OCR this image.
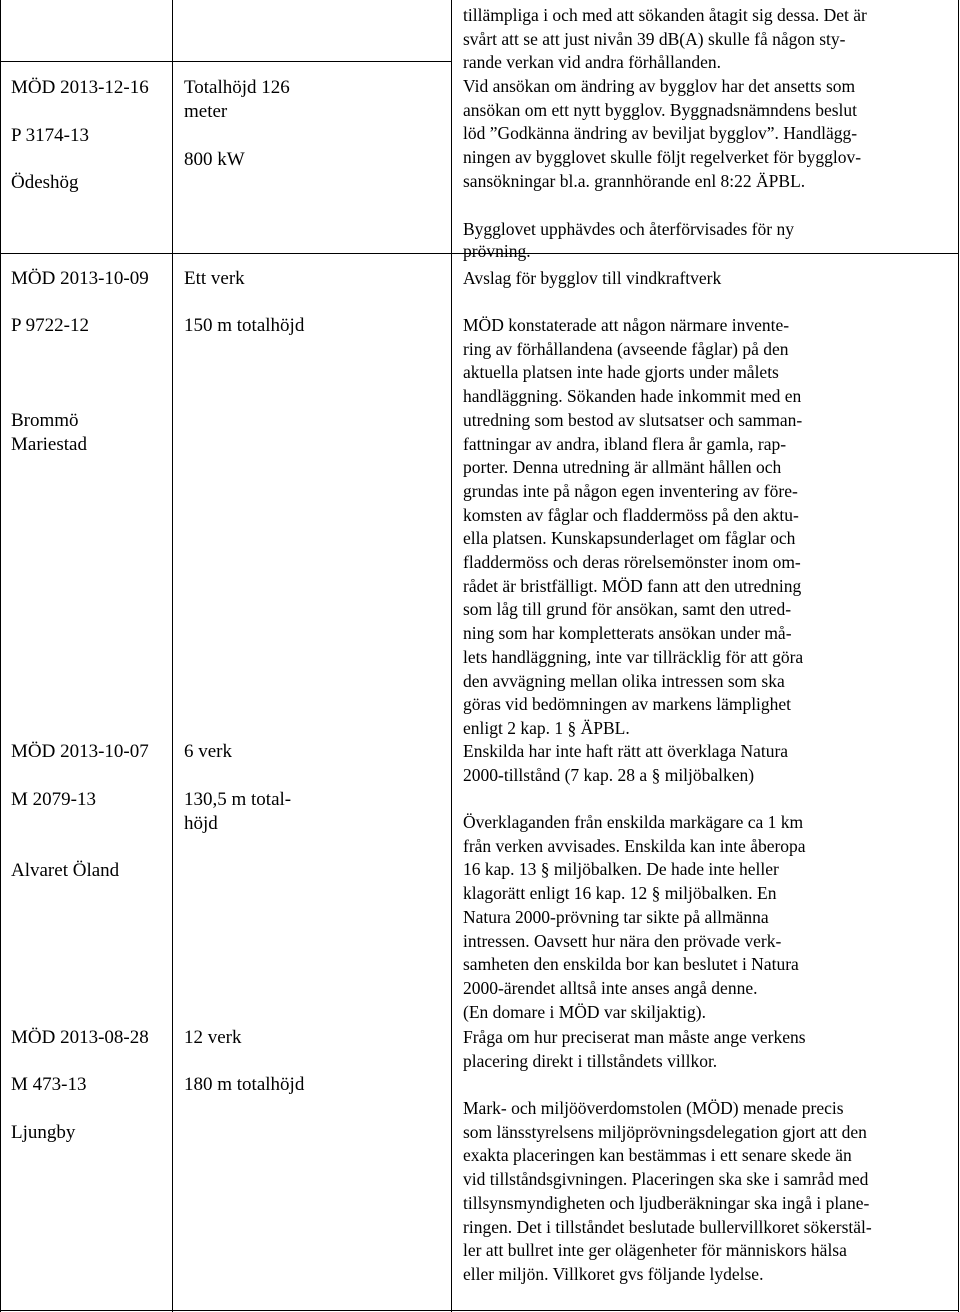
MÖD 2013-12-16
P 3174-13
Ödeshög
Totalhöjd 126
meter
800 kW
MÖD 2013-10-09
P 9722-12
Brommö
Mariestad
Ett verk
150 m totalhöjd
MÖD 2013-10-07
M 2079-13
Alvaret Öland
6 verk
130,5 m total-
höjd
MÖD 2013-08-28
M 473-13
Ljungby
12 verk
180 m totalhöjd
tillämpliga i och med att sökanden åtagit sig dessa. Det är
svårt att se att just nivån 39 dB(A) skulle få någon sty-
rande verkan vid andra förhållanden.
Vid ansökan om ändring av bygglov har det ansetts som
ansökan om ett nytt bygglov. Byggnadsnämndens beslut
löd ”Godkänna ändring av beviljat bygglov”. Handlägg-
ningen av bygglovet skulle följt regelverket för bygglov-
sansökningar bl.a. grannhörande enl 8:22 ÄPBL.
Bygglovet upphävdes och återförvisades för ny
prövning.
Avslag för bygglov till vindkraftverk
MÖD konstaterade att någon närmare invente-
ring av förhållandena (avseende fåglar) på den
aktuella platsen inte hade gjorts under målets
handläggning. Sökanden hade inkommit med en
utredning som bestod av slutsatser och samman-
fattningar av andra, ibland flera år gamla, rap-
porter. Denna utredning är allmänt hållen och
grundas inte på någon egen inventering av före-
komsten av fåglar och fladdermöss på den aktu-
ella platsen. Kunskapsunderlaget om fåglar och
fladdermöss och deras rörelsemönster inom om-
rådet är bristfälligt. MÖD fann att den utredning
som låg till grund för ansökan, samt den utred-
ning som har kompletterats ansökan under må-
lets handläggning, inte var tillräcklig för att göra
den avvägning mellan olika intressen som ska
göras vid bedömningen av markens lämplighet
enligt 2 kap. 1 § ÄPBL.
Enskilda har inte haft rätt att överklaga Natura
2000-tillstånd (7 kap. 28 a § miljöbalken)
Överklaganden från enskilda markägare ca 1 km
från verken avvisades. Enskilda kan inte åberopa
16 kap. 13 § miljöbalken. De hade inte heller
klagorätt enligt 16 kap. 12 § miljöbalken. En
Natura 2000-prövning tar sikte på allmänna
intressen. Oavsett hur nära den prövade verk-
samheten den enskilda bor kan beslutet i Natura
2000-ärendet alltså inte anses angå denne.
(En domare i MÖD var skiljaktig).
Fråga om hur preciserat man måste ange verkens
placering direkt i tillståndets villkor.
Mark- och miljööverdomstolen (MÖD) menade precis
som länsstyrelsens miljöprövningsdelegation gjort att den
exakta placeringen kan bestämmas i ett senare skede än
vid tillståndsgivningen. Placeringen ska ske i samråd med
tillsynsmyndigheten och ljudberäkningar ska ingå i plane-
ringen. Det i tillståndet beslutade bullervillkoret sökerstäl-
ler att bullret inte ger olägenheter för människors hälsa
eller miljön. Villkoret gvs följande lydelse.
